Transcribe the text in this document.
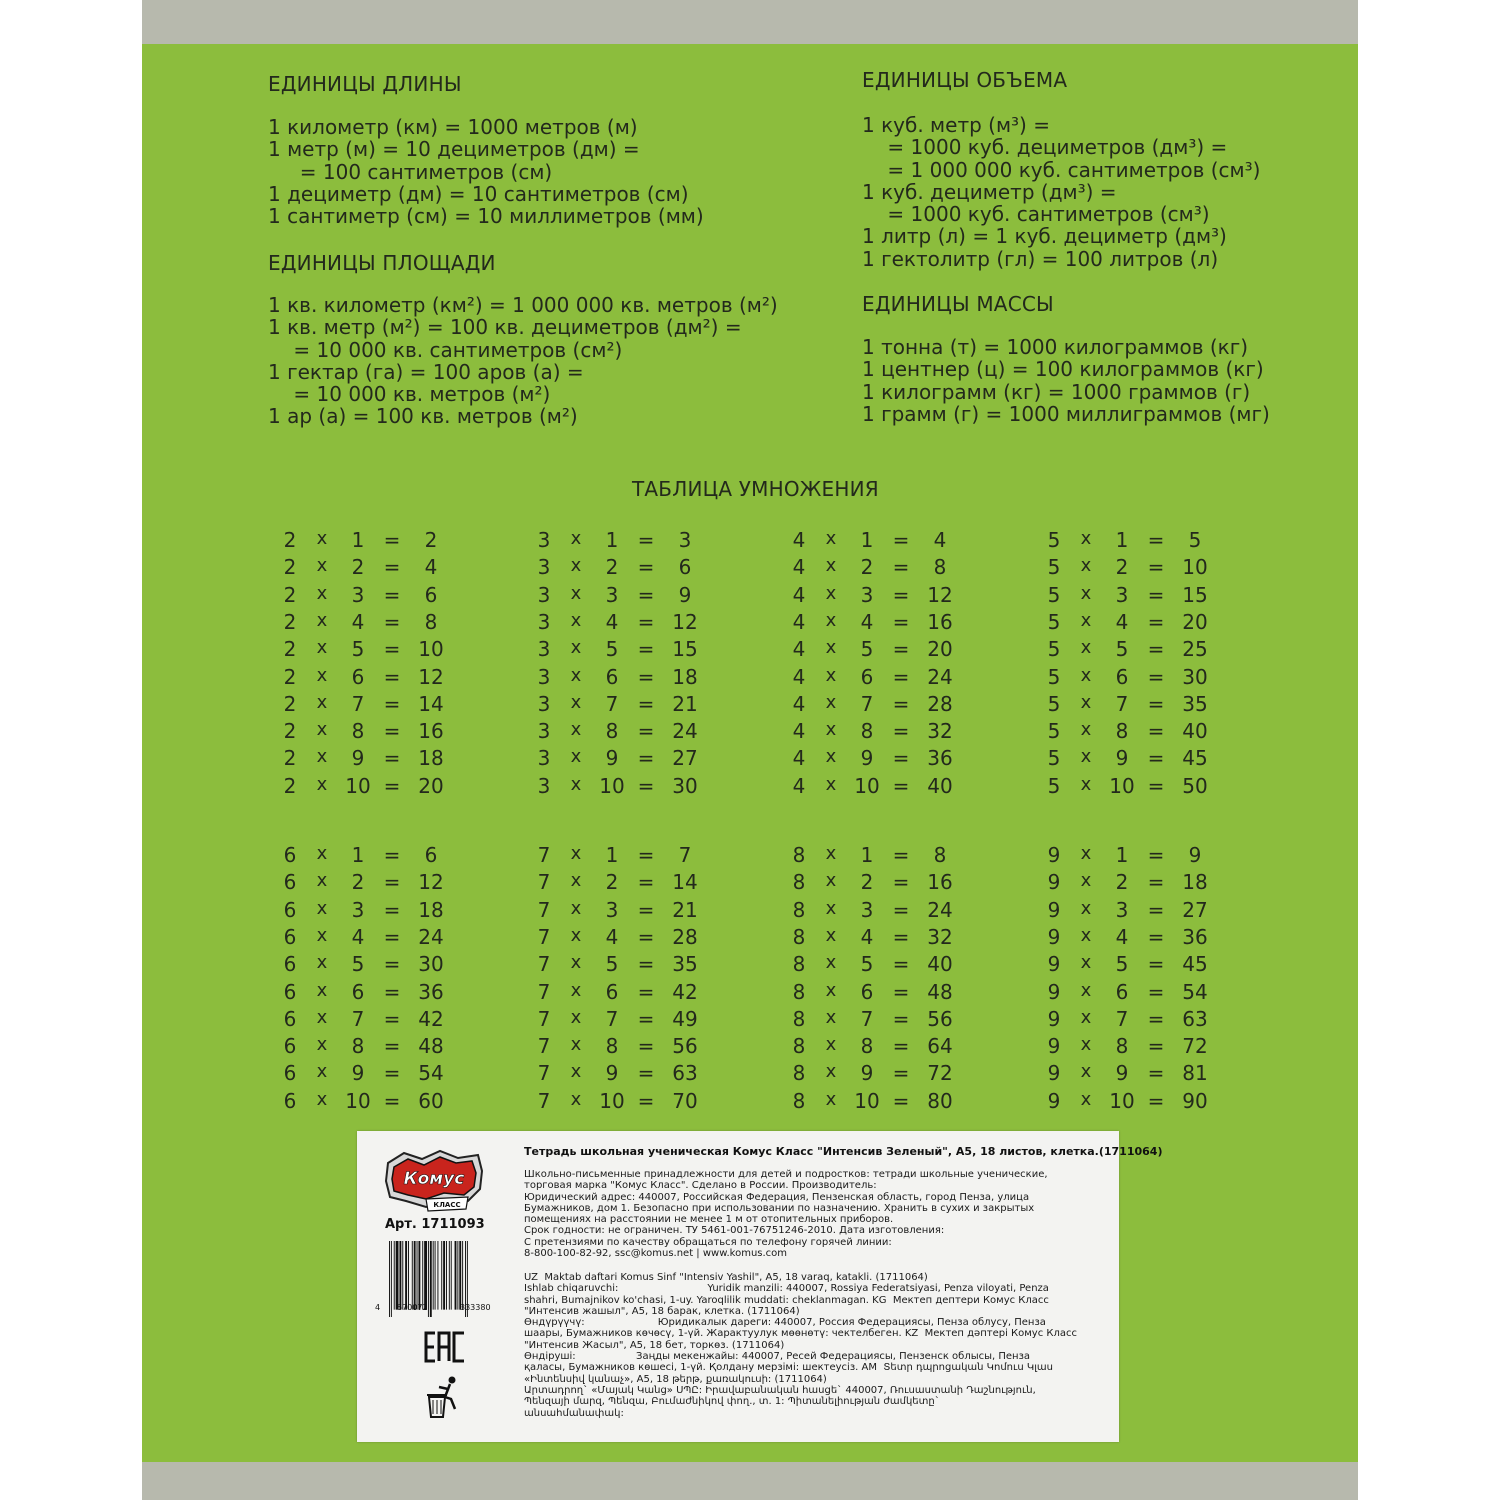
ЕДИНИЦЫ ДЛИНЫ
1 километр (км) = 1000 метров (м)
1 метр (м) = 10 дециметров (дм) =
= 100 сантиметров (см)
1 дециметр (дм) = 10 сантиметров (см)
1 сантиметр (см) = 10 миллиметров (мм)
ЕДИНИЦЫ ПЛОЩАДИ
1 кв. километр (км²) = 1 000 000 кв. метров (м²)
1 кв. метр (м²) = 100 кв. дециметров (дм²) =
= 10 000 кв. сантиметров (см²)
1 гектар (га) = 100 аров (а) =
= 10 000 кв. метров (м²)
1 ар (а) = 100 кв. метров (м²)
ЕДИНИЦЫ ОБЪЕМА
1 куб. метр (м³) =
= 1000 куб. дециметров (дм³) =
= 1 000 000 куб. сантиметров (см³)
1 куб. дециметр (дм³) =
= 1000 куб. сантиметров (см³)
1 литр (л) = 1 куб. дециметр (дм³)
1 гектолитр (гл) = 100 литров (л)
ЕДИНИЦЫ МАССЫ
1 тонна (т) = 1000 килограммов (кг)
1 центнер (ц) = 100 килограммов (кг)
1 килограмм (кг) = 1000 граммов (г)
1 грамм (г) = 1000 миллиграммов (мг)
ТАБЛИЦА УМНОЖЕНИЯ
2	x	1 =	2
2	x	2 =	4
2	x	3 =	6
2	x	4 =	8
2	x	5 = 10
2	x	6 = 12
2	x	7 = 14
2	x	8 = 16
2	x	9 = 18
2	x 10 = 20
3	x	1 =	3
3	x	2 =	6
3	x	3 =	9
3	x	4 = 12
3	x	5 = 15
3	x	6 = 18
3	x	7 = 21
3	x	8 = 24
3	x	9 = 27
3	x 10 = 30
4	x	1 =	4
4	x	2 =	8
4	x	3 = 12
4	x	4 = 16
4	x	5 = 20
4	x	6 = 24
4	x	7 = 28
4	x	8 = 32
4	x	9 = 36
4	x 10 = 40
5	x	1 =	5
5	x	2 = 10
5	x	3 = 15
5	x	4 = 20
5	x	5 = 25
5	x	6 = 30
5	x	7 = 35
5	x	8 = 40
5	x	9 = 45
5	x 10 = 50
6	x	1 =	6
6	x	2 = 12
6	x	3 = 18
6	x	4 = 24
6	x	5 = 30
6	x	6 = 36
6	x	7 = 42
6	x	8 = 48
6	x	9 = 54
6	x 10 = 60
7	x	1 =	7
7	x	2 = 14
7	x	3 = 21
7	x	4 = 28
7	x	5 = 35
7	x	6 = 42
7	x	7 = 49
7	x	8 = 56
7	x	9 = 63
7	x 10 = 70
8	x	1 =	8
8	x	2 = 16
8	x	3 = 24
8	x	4 = 32
8	x	5 = 40
8	x	6 = 48
8	x	7 = 56
8	x	8 = 64
8	x	9 = 72
8	x 10 = 80
9	x	1 =	9
9	x	2 = 18
9	x	3 = 27
9	x	4 = 36
9	x	5 = 45
9	x	6 = 54
9	x	7 = 63
9	x	8 = 72
9	x	9 = 81
9	x 10 = 90
Комус
КЛАСС
Арт. 1711093
4 670072	333380
Тетрадь школьная ученическая Комус Класс "Интенсив Зеленый", А5, 18 листов, клетка.(1711064)
Школьно-письменные принадлежности для детей и подростков: тетради школьные ученические,
торговая марка "Комус Класс". Сделано в России. Производитель:
Юридический адрес: 440007, Российская Федерация, Пензенская область, город Пенза, улица
Бумажников, дом 1. Безопасно при использовании по назначению. Хранить в сухих и закрытых
помещениях на расстоянии не менее 1 м от отопительных приборов.
Срок годности: не ограничен. ТУ 5461-001-76751246-2010. Дата изготовления:
С претензиями по качеству обращаться по телефону горячей линии:
8-800-100-82-92, ssc@komus.net | www.komus.com
UZ  Maktab daftari Komus Sinf "Intensiv Yashil", A5, 18 varaq, katakli. (1711064)
Ishlab chiqaruvchi:                            Yuridik manzili: 440007, Rossiya Federatsiyasi, Penza viloyati, Penza
shahri, Bumajnikov ko'chasi, 1-uy. Yaroqlilik muddati: cheklanmagan. KG  Мектеп дептери Комус Класс
"Интенсив жашыл", А5, 18 барак, клетка. (1711064)
Өндүрүүчү:                       Юридикалык дареги: 440007, Россия Федерациясы, Пенза облусу, Пенза
шаары, Бумажников көчөсү, 1-үй. Жарактуулук мөөнөтү: чектелбеген. KZ  Мектеп дәптері Комус Класс
"Интенсив Жасыл", А5, 18 бет, торкөз. (1711064)
Өндіруші:                   Заңды мекенжайы: 440007, Ресей Федерациясы, Пензенск облысы, Пенза
қаласы, Бумажников көшесі, 1-үй. Қолдану мерзімі: шектеусіз. AM  Տետր դպրոցական Կոմուս Կլաս
«Ինտենսիվ կանաչ», A5, 18 թերթ, քառակուսի: (1711064)
Արտադրող` «Մայակ Կանց» ՍՊԸ: Իրավաբանական հասցե` 440007, Ռուսաստանի Դաշնություն,
Պենզայի մարզ, Պենզա, Բումաժնիկով փող., տ. 1: Պիտանելիության ժամկետը`
անսահմանափակ:
